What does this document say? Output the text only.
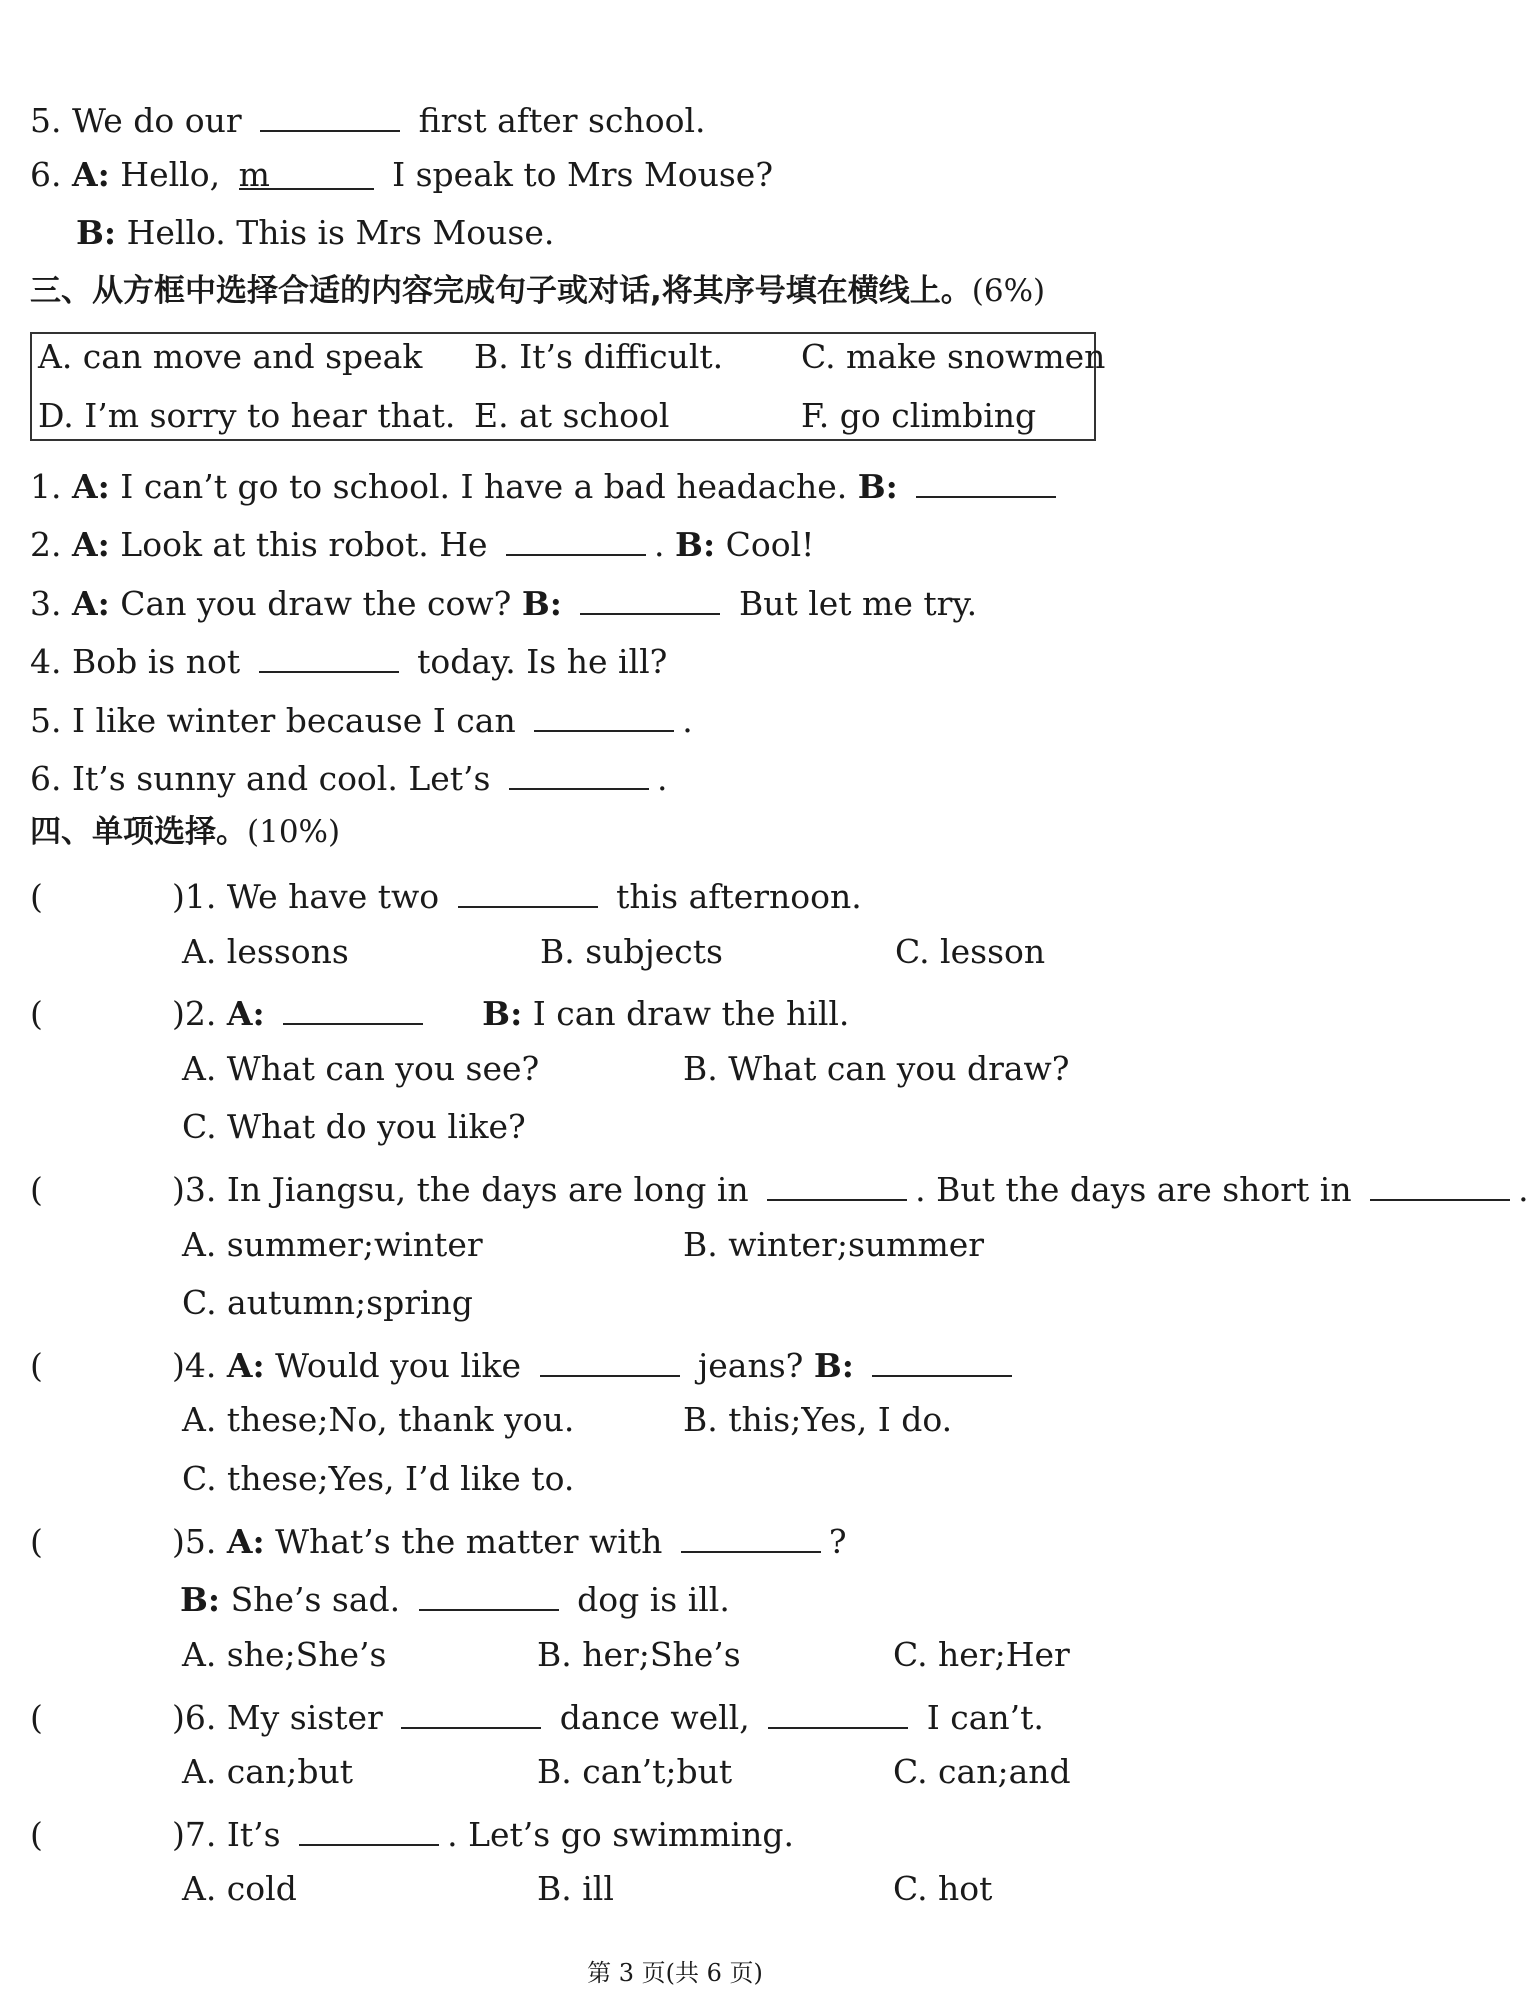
5. We do our	first after school.
6. A: Hello, m	I speak to Mrs Mouse?
B: Hello. This is Mrs Mouse.
三、从方框中选择合适的内容完成句子或对话,将其序号填在横线上。(6%)
A. can move and speak B. It’s difficult. C. make snowmen
D. I’m sorry to hear that. E. at school	F. go climbing
1. A: I can’t go to school. I have a bad headache. B:
2. A: Look at this robot. He	. B: Cool!
3. A: Can you draw the cow? B:	But let me try.
4. Bob is not	today. Is he ill?
5. I like winter because I can	.
6. It’s sunny and cool. Let’s	.
四、单项选择。(10%)
(	)1. We have two	this afternoon.
A. lessons	B. subjects	C. lesson
(	)2. A:	B: I can draw the hill.
A. What can you see?	B. What can you draw?
C. What do you like?
(	)3. In Jiangsu, the days are long in	. But the days are short in	.
A. summer;winter	B. winter;summer
C. autumn;spring
(	)4. A: Would you like	jeans? B:
A. these;No, thank you.	B. this;Yes, I do.
C. these;Yes, I’d like to.
(	)5. A: What’s the matter with	?
B: She’s sad.	dog is ill.
A. she;She’s	B. her;She’s	C. her;Her
(	)6. My sister	dance well,	I can’t.
A. can;but	B. can’t;but	C. can;and
(	)7. It’s	. Let’s go swimming.
A. cold	B. ill	C. hot
第 3 页(共 6 页)
